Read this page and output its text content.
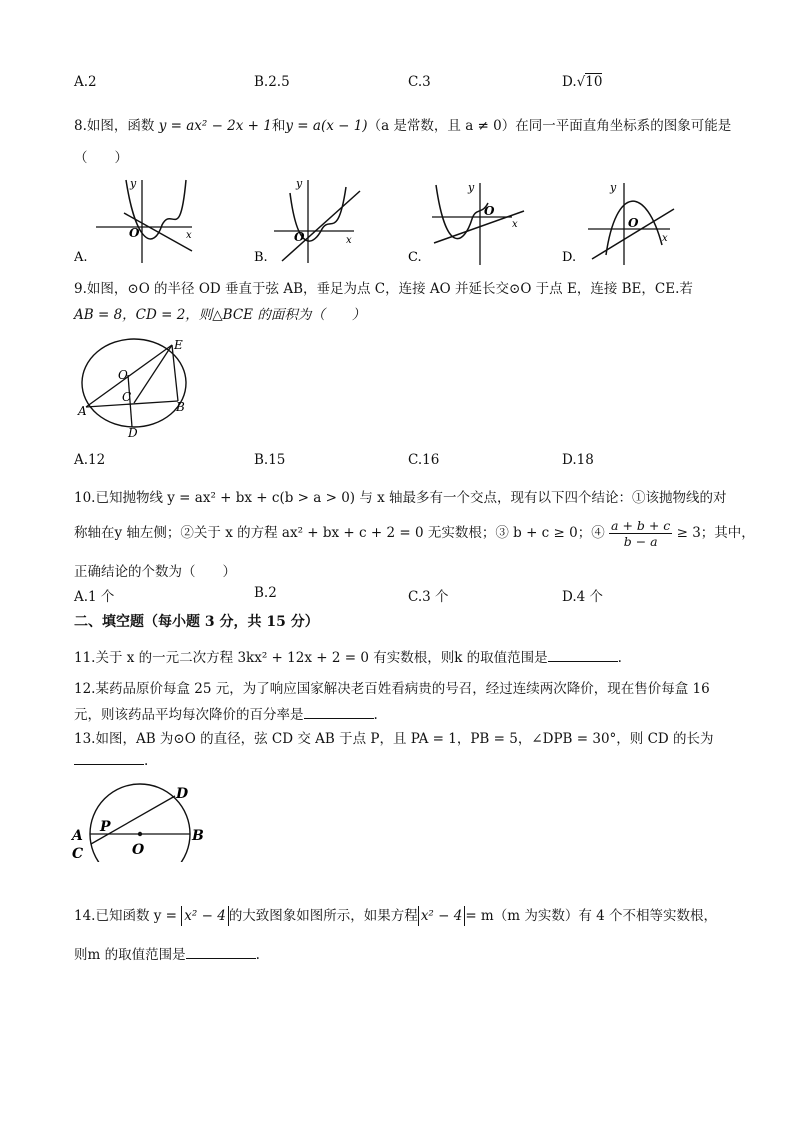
A.2	B.2.5	C.3	D.√10
8.如图，函数 y = ax² − 2x + 1和y = a(x − 1)（a 是常数，且 a ≠ 0）在同一平面直角坐标系的图象可能是
（　　）
y
x
O
A.
y
x
O
B.
y
x
O
C.
y
x
O
D.
9.如图，⊙O 的半径 OD 垂直于弦 AB，垂足为点 C，连接 AO 并延长交⊙O 于点 E，连接 BE，CE.若
AB = 8，CD = 2，则△BCE 的面积为（　　）
E
O
C
A	B
D
A.12	B.15	C.16	D.18
10.已知抛物线 y = ax² + bx + c(b > a > 0) 与 x 轴最多有一个交点，现有以下四个结论：①该抛物线的对
称轴在y 轴左侧；②关于 x 的方程 ax² + bx + c + 2 = 0 无实数根；③ b + c ≥ 0；④ $\frac{a + b + c}{b - a} \ge 3$；其中，
正确结论的个数为（　　）
A.1 个	B.2	C.3 个	D.4 个
二、填空题（每小题 3 分，共 15 分）
11.关于 x 的一元二次方程 3kx² + 12x + 2 = 0 有实数根，则k 的取值范围是	.
12.某药品原价每盒 25 元，为了响应国家解决老百姓看病贵的号召，经过连续两次降价，现在售价每盒 16
元，则该药品平均每次降价的百分率是	.
13.如图，AB 为⊙O 的直径，弦 CD 交 AB 于点 P，且 PA = 1，PB = 5，∠DPB = 30°，则 CD 的长为
.
A
C
B
D
P
O
14.已知函数 y = x² − 4 的大致图象如图所示，如果方程 x² − 4 = m（m 为实数）有 4 个不相等实数根，
则m 的取值范围是	.
